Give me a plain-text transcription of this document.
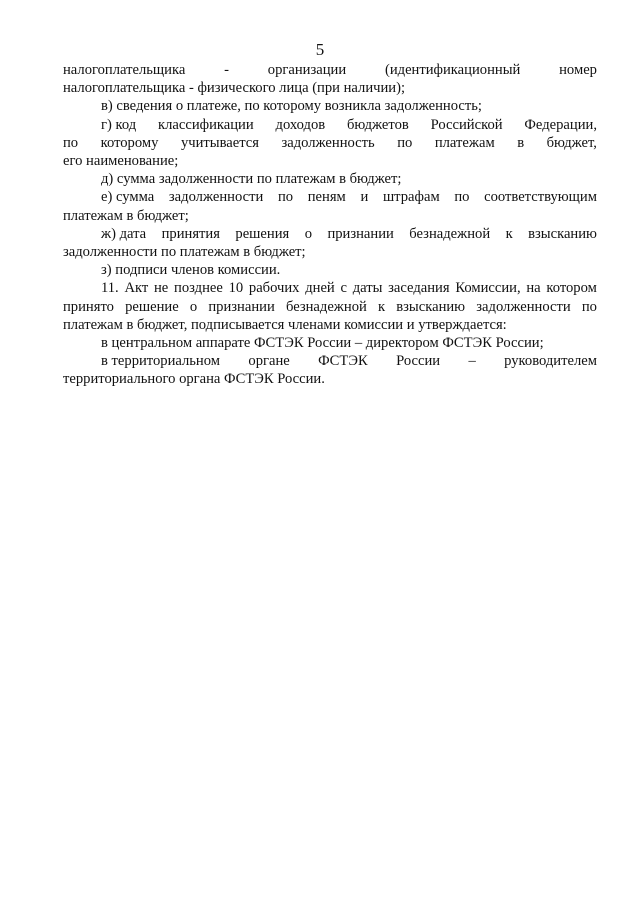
5
налогоплательщика	-	организации	(идентификационный	номер
налогоплательщика - физического лица (при наличии);
в) сведения о платеже, по которому возникла задолженность;
г) код классификации доходов бюджетов Российской Федерации,
по которому учитывается задолженность по платежам в бюджет,
его наименование;
д) сумма задолженности по платежам в бюджет;
е) сумма задолженности по пеням и штрафам по соответствующим
платежам в бюджет;
ж) дата принятия решения о признании безнадежной к взысканию
задолженности по платежам в бюджет;
з) подписи членов комиссии.
11. Акт не позднее 10 рабочих дней с даты заседания Комиссии, на котором
принято решение о признании безнадежной к взысканию задолженности по
платежам в бюджет, подписывается членами комиссии и утверждается:
в центральном аппарате ФСТЭК России – директором ФСТЭК России;
в территориальном органе ФСТЭК России – руководителем
территориального органа ФСТЭК России.
